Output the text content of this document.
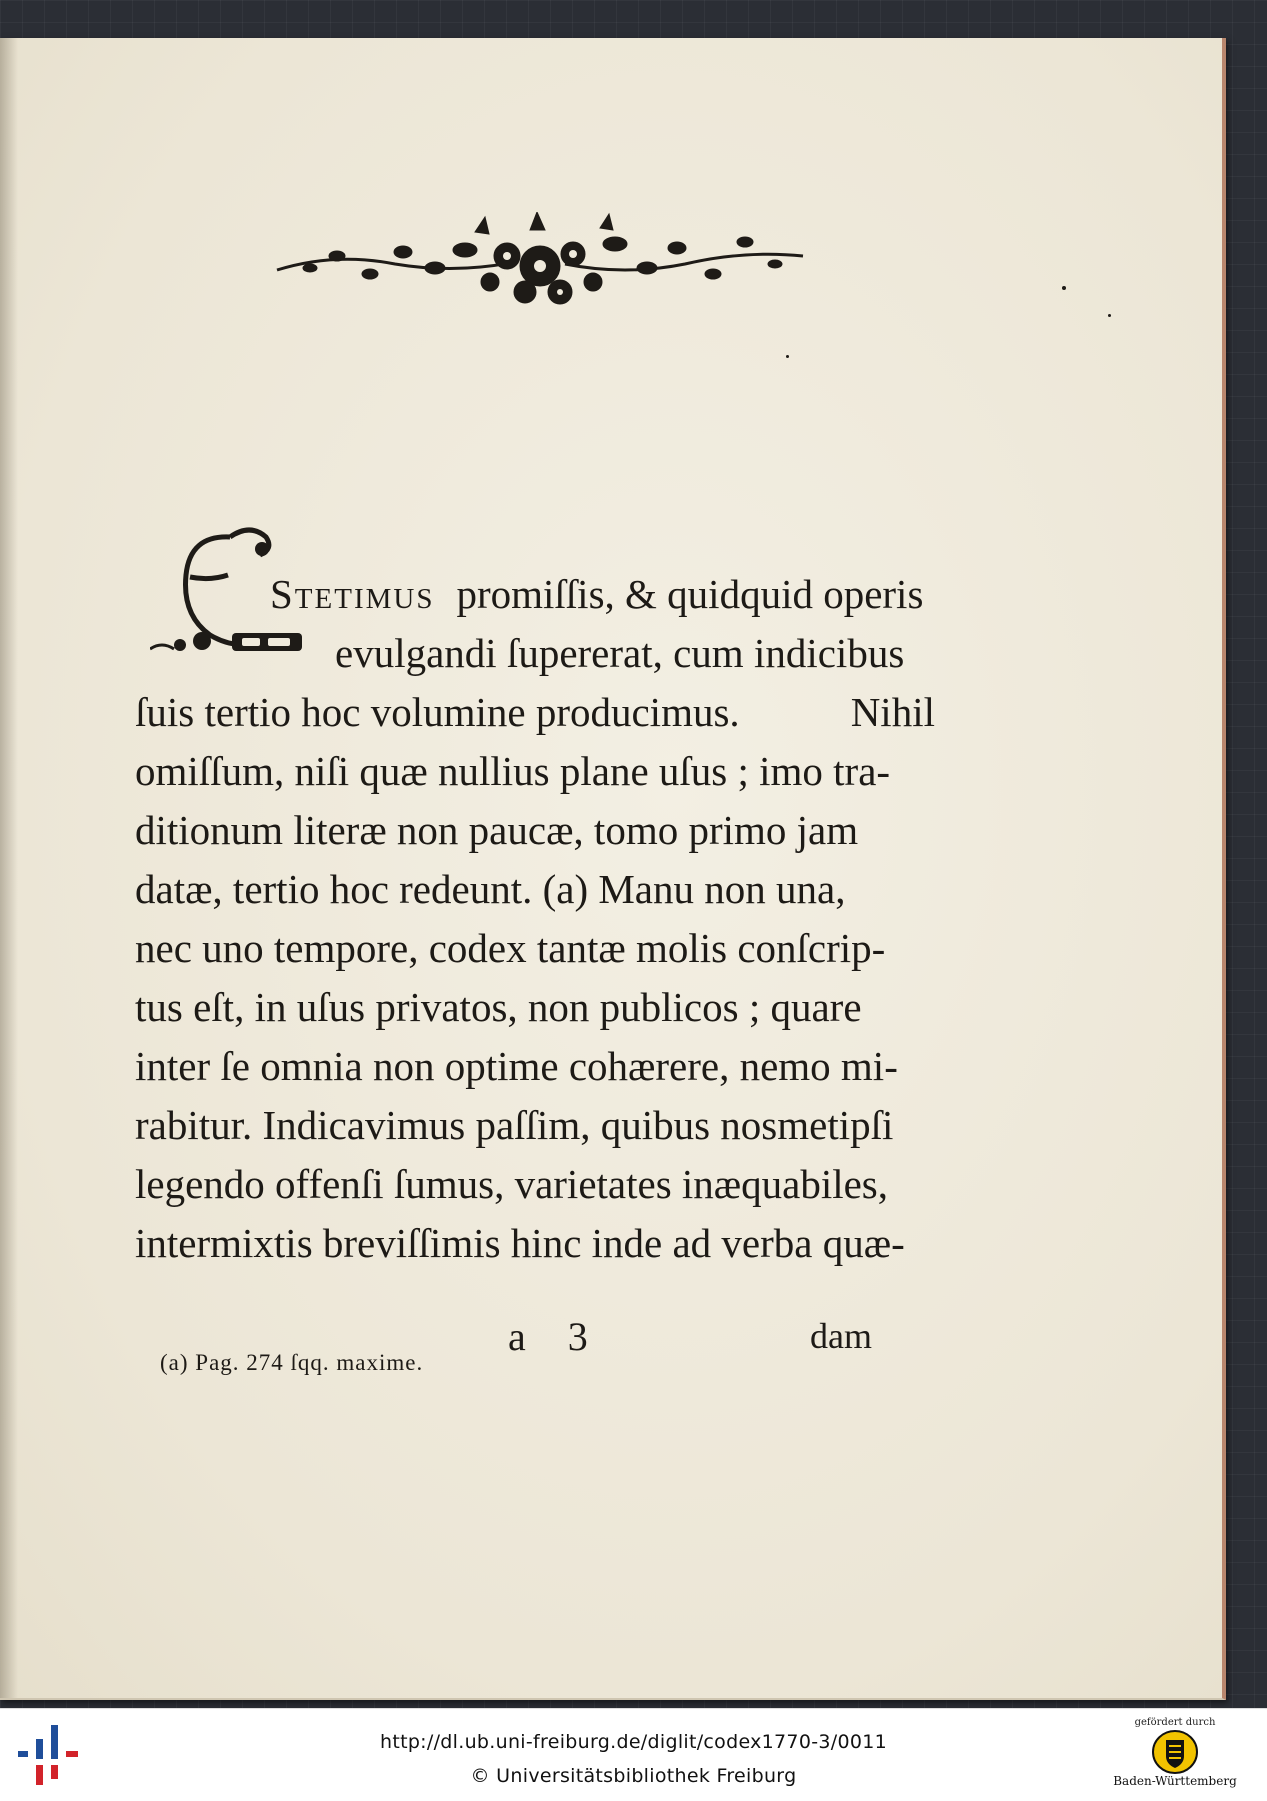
Stetimus promiſſis, & quidquid operis
evulgandi ſupererat, cum indicibus
ſuis tertio hoc volumine producimus.	Nihil
omiſſum, niſi quæ nullius plane uſus ; imo tra-
ditionum literæ non paucæ, tomo primo jam
datæ, tertio hoc redeunt. (a) Manu non una,
nec uno tempore, codex tantæ molis conſcrip-
tus eſt, in uſus privatos, non publicos ; quare
inter ſe omnia non optime cohærere, nemo mi-
rabitur. Indicavimus paſſim, quibus nosmetipſi
legendo offenſi ſumus, varietates inæquabiles,
intermixtis breviſſimis hinc inde ad verba quæ-
a 3	dam
(a) Pag. 274 ſqq. maxime.
http://dl.ub.uni-freiburg.de/diglit/codex1770-3/0011
© Universitätsbibliothek Freiburg
gefördert durch
Baden-Württemberg
